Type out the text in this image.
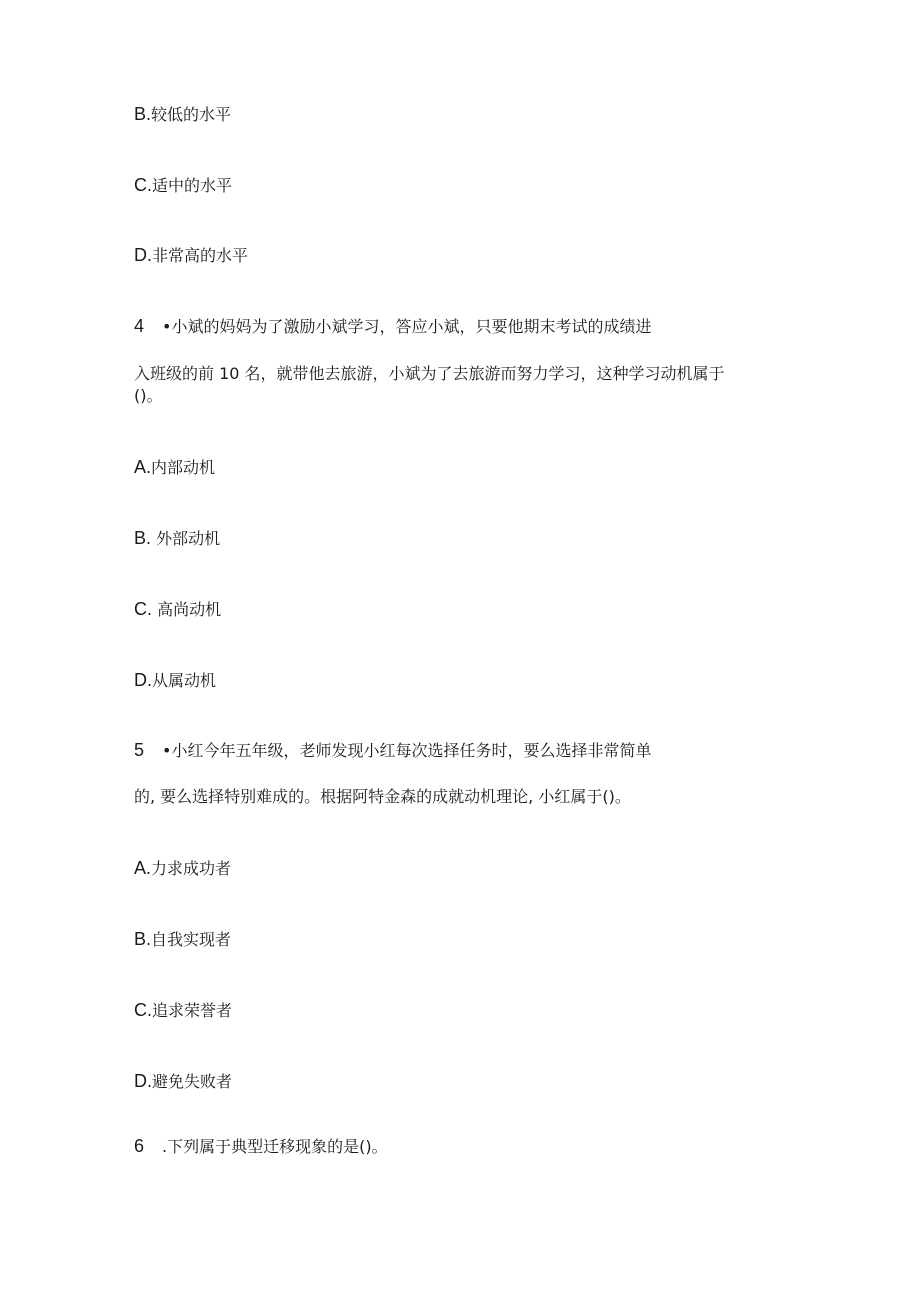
B.较低的水平
C.适中的水平
D.非常高的水平
4 •小斌的妈妈为了激励小斌学习，答应小斌，只要他期末考试的成绩进
入班级的前 10 名，就带他去旅游，小斌为了去旅游而努力学习，这种学习动机属于
()。
A.内部动机
B. 外部动机
C. 高尚动机
D.从属动机
5 •小红今年五年级，老师发现小红每次选择任务时，要么选择非常简单
的, 要么选择特别难成的。根据阿特金森的成就动机理论, 小红属于()。
A.力求成功者
B.自我实现者
C.追求荣誉者
D.避免失败者
6 .下列属于典型迁移现象的是()。
